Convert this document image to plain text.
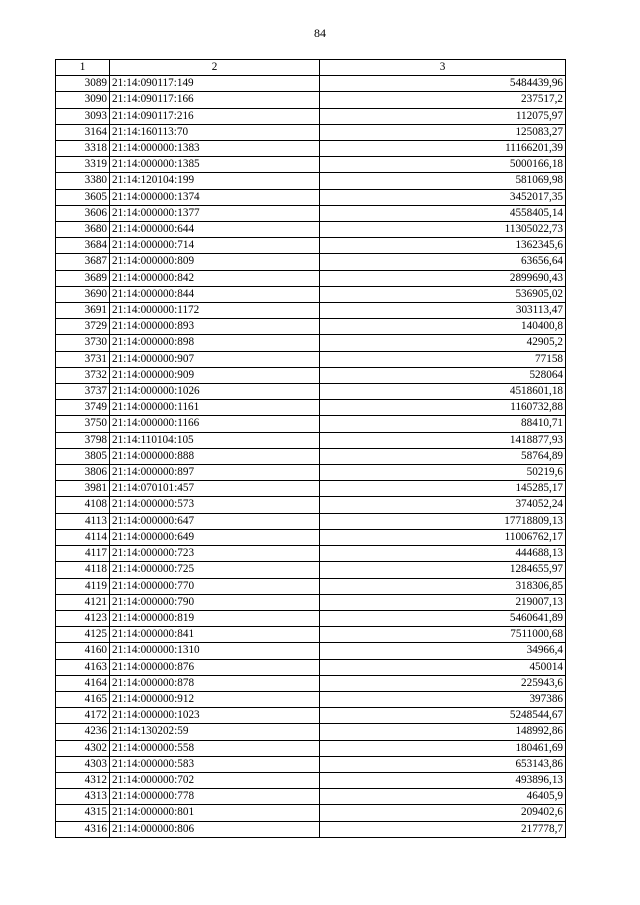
84
1	2	3
3089	21:14:090117:149	5484439,96
3090	21:14:090117:166	237517,2
3093	21:14:090117:216	112075,97
3164	21:14:160113:70	125083,27
3318	21:14:000000:1383	11166201,39
3319	21:14:000000:1385	5000166,18
3380	21:14:120104:199	581069,98
3605	21:14:000000:1374	3452017,35
3606	21:14:000000:1377	4558405,14
3680	21:14:000000:644	11305022,73
3684	21:14:000000:714	1362345,6
3687	21:14:000000:809	63656,64
3689	21:14:000000:842	2899690,43
3690	21:14:000000:844	536905,02
3691	21:14:000000:1172	303113,47
3729	21:14:000000:893	140400,8
3730	21:14:000000:898	42905,2
3731	21:14:000000:907	77158
3732	21:14:000000:909	528064
3737	21:14:000000:1026	4518601,18
3749	21:14:000000:1161	1160732,88
3750	21:14:000000:1166	88410,71
3798	21:14:110104:105	1418877,93
3805	21:14:000000:888	58764,89
3806	21:14:000000:897	50219,6
3981	21:14:070101:457	145285,17
4108	21:14:000000:573	374052,24
4113	21:14:000000:647	17718809,13
4114	21:14:000000:649	11006762,17
4117	21:14:000000:723	444688,13
4118	21:14:000000:725	1284655,97
4119	21:14:000000:770	318306,85
4121	21:14:000000:790	219007,13
4123	21:14:000000:819	5460641,89
4125	21:14:000000:841	7511000,68
4160	21:14:000000:1310	34966,4
4163	21:14:000000:876	450014
4164	21:14:000000:878	225943,6
4165	21:14:000000:912	397386
4172	21:14:000000:1023	5248544,67
4236	21:14:130202:59	148992,86
4302	21:14:000000:558	180461,69
4303	21:14:000000:583	653143,86
4312	21:14:000000:702	493896,13
4313	21:14:000000:778	46405,9
4315	21:14:000000:801	209402,6
4316	21:14:000000:806	217778,7
